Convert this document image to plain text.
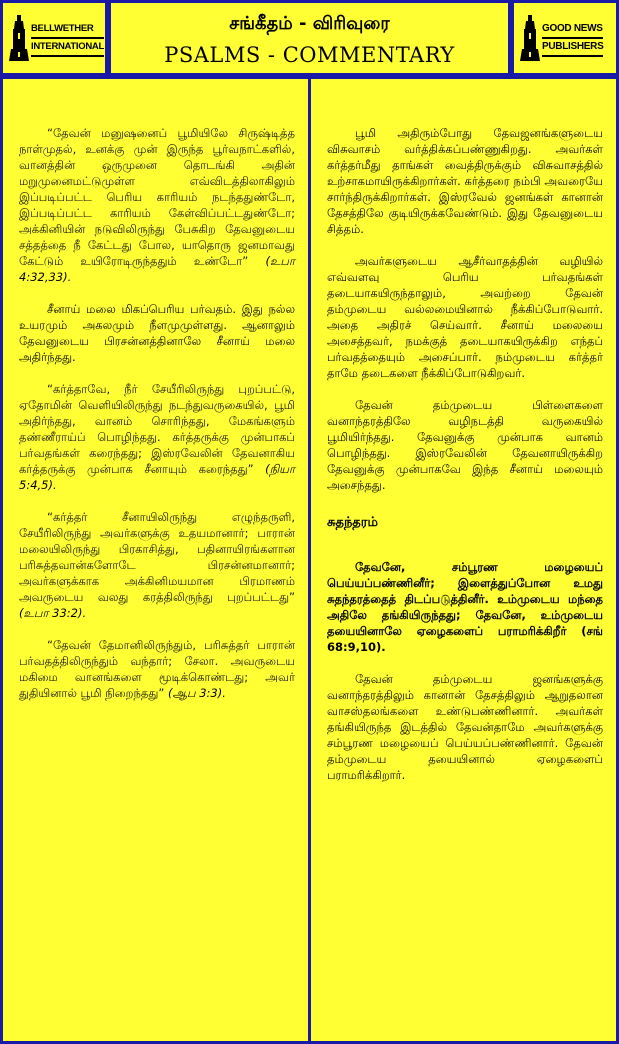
BELLWETHER
INTERNATIONAL
சங்கீதம் - விரிவுரை
PSALMS - COMMENTARY
GOOD NEWS
PUBLISHERS

“தேவன் மனுஷனைப் பூமியிலே சிருஷ்டித்த நாள்முதல், உனக்கு முன் இருந்த பூர்வநாட்களில், வானத்தின் ஒருமுனை தொடங்கி அதின் மறுமுனைமட்டுமுள்ள எவ்விடத்திலாகிலும் இப்படிப்பட்ட பெரிய காரியம் நடந்ததுண்டோ, இப்படிப்பட்ட காரியம் கேள்விப்பட்டதுண்டோ; அக்கினியின் நடுவிலிருந்து பேசுகிற தேவனுடைய சத்தத்தை நீ கேட்டது போல, யாதொரு ஜனமாவது கேட்டும் உயிரோடிருந்ததும் உண்டோ” (உபா 4:32,33).

சீனாய் மலை மிகப்பெரிய பர்வதம். இது நல்ல உயரமும் அகலமும் நீளமுமுள்ளது. ஆனாலும் தேவனுடைய பிரசன்னத்தினாலே சீனாய் மலை அதிர்ந்தது.

“கர்த்தாவே, நீர் சேயீரிலிருந்து புறப்பட்டு, ஏதோமின் வெளியிலிருந்து நடந்துவருகையில், பூமி அதிர்ந்தது, வானம் சொரிந்தது, மேகங்களும் தண்ணீராய்ப் பொழிந்தது. கர்த்தருக்கு முன்பாகப் பர்வதங்கள் கரைந்தது; இஸ்ரவேலின் தேவனாகிய கர்த்தருக்கு முன்பாக சீனாயும் கரைந்தது” (நியா 5:4,5).

“கர்த்தர் சீனாயிலிருந்து எழுந்தருளி, சேயீரிலிருந்து அவர்களுக்கு உதயமானார்; பாரான் மலையிலிருந்து பிரகாசித்து, பதினாயிரங்களான பரிசுத்தவான்களோடே பிரசன்னமானார்; அவர்களுக்காக அக்கினிமயமான பிரமாணம் அவருடைய வலது கரத்திலிருந்து புறப்பட்டது” (உபா 33:2).

“தேவன் தேமானிலிருந்தும், பரிசுத்தர் பாரான் பர்வதத்திலிருந்தும் வந்தார்; சேலா. அவருடைய மகிமை வானங்களை மூடிக்கொண்டது; அவர் துதியினால் பூமி நிறைந்தது” (ஆப 3:3).

பூமி அதிரும்போது தேவஜனங்களுடைய விசுவாசம் வர்த்திக்கப்பண்ணுகிறது. அவர்கள் கர்த்தர்மீது தாங்கள் வைத்திருக்கும் விசுவாசத்தில் உற்சாகமாயிருக்கிறார்கள். கர்த்தரை நம்பி அவரையே சார்ந்திருக்கிறார்கள். இஸ்ரவேல் ஜனங்கள் கானான் தேசத்திலே குடியிருக்கவேண்டும். இது தேவனுடைய சித்தம்.

அவர்களுடைய ஆசீர்வாதத்தின் வழியில் எவ்வளவு பெரிய பர்வதங்கள் தடையாகயிருந்தாலும், அவற்றை தேவன் தம்முடைய வல்லமையினால் நீக்கிப்போடுவார். அதை அதிரச் செய்வார். சீனாய் மலையை அசைத்தவர், நமக்குத் தடையாகயிருக்கிற எந்தப் பர்வதத்தையும் அசைப்பார். நம்முடைய கர்த்தர் தாமே தடைகளை நீக்கிப்போடுகிறவர்.

தேவன் தம்முடைய பிள்ளைகளை வனாந்தரத்திலே வழிநடத்தி வருகையில் பூமியிர்ந்தது. தேவனுக்கு முன்பாக வானம் பொழிந்தது. இஸ்ரவேலின் தேவனாயிருக்கிற தேவனுக்கு முன்பாகவே இந்த சீனாய் மலையும் அசைந்தது.

சுதந்தரம்

தேவனே, சம்பூரண மழையைப் பெய்யப்பண்ணினீர்; இளைத்துப்போன உமது சுதந்தரத்தைத் திடப்படுத்தினீர். உம்முடைய மந்தை அதிலே தங்கியிருந்தது; தேவனே, உம்முடைய தயையினாலே ஏழைகளைப் பராமரிக்கிறீர் (சங் 68:9,10).

தேவன் தம்முடைய ஜனங்களுக்கு வனாந்தரத்திலும் கானான் தேசத்திலும் ஆறுதலான வாசஸ்தலங்களை உண்டுபண்ணினார். அவர்கள் தங்கியிருந்த இடத்தில் தேவன்தாமே அவர்களுக்கு சம்பூரண மழையைப் பெய்யப்பண்ணினார். தேவன் தம்முடைய தயையினால் ஏழைகளைப் பராமரிக்கிறார்.
